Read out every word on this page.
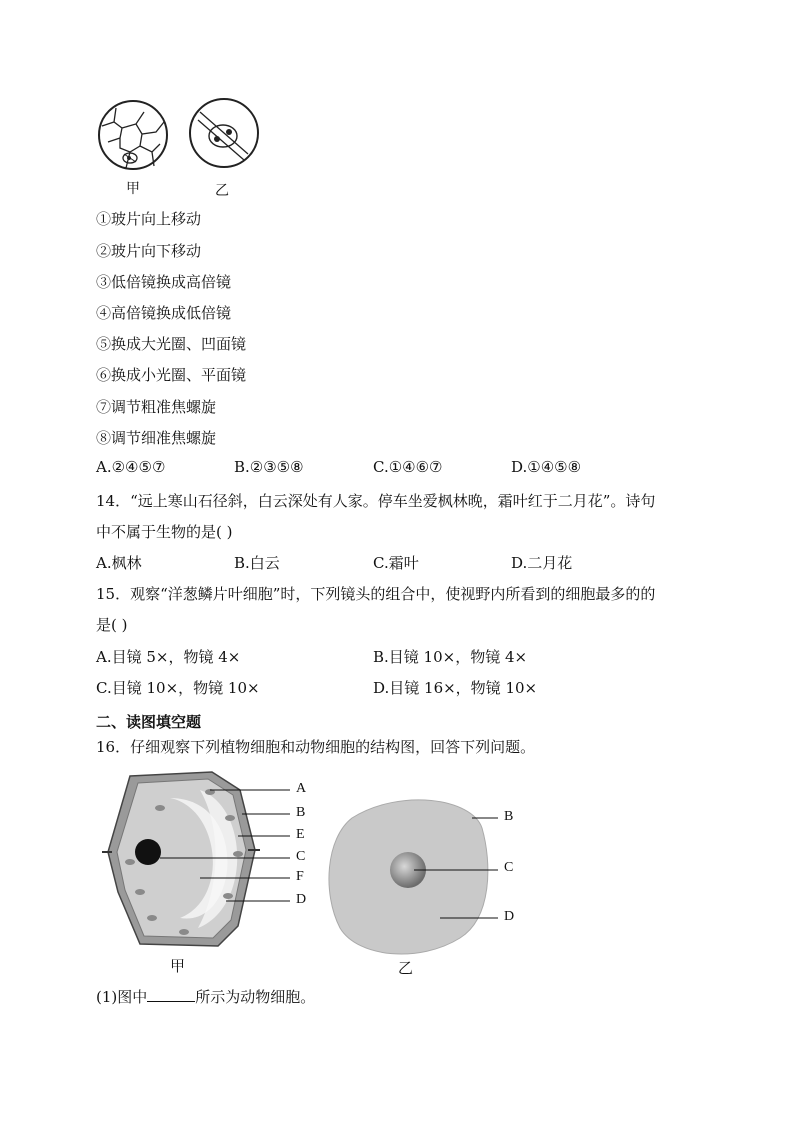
甲	乙
①玻片向上移动
②玻片向下移动
③低倍镜换成高倍镜
④高倍镜换成低倍镜
⑤换成大光圈、凹面镜
⑥换成小光圈、平面镜
⑦调节粗准焦螺旋
⑧调节细准焦螺旋
A.②④⑤⑦	B.②③⑤⑧	C.①④⑥⑦	D.①④⑤⑧
14．“远上寒山石径斜，白云深处有人家。停车坐爱枫林晚，霜叶红于二月花”。诗句
中不属于生物的是( )
A.枫林	B.白云	C.霜叶	D.二月花
15．观察“洋葱鳞片叶细胞”时，下列镜头的组合中，使视野内所看到的细胞最多的的
是( )
A.目镜 5×，物镜 4×	B.目镜 10×，物镜 4×
C.目镜 10×，物镜 10×	D.目镜 16×，物镜 10×
二、读图填空题
16．仔细观察下列植物细胞和动物细胞的结构图，回答下列问题。
A
B
E
C
F
D
B
C
D
甲	乙
(1)图中	所示为动物细胞。
